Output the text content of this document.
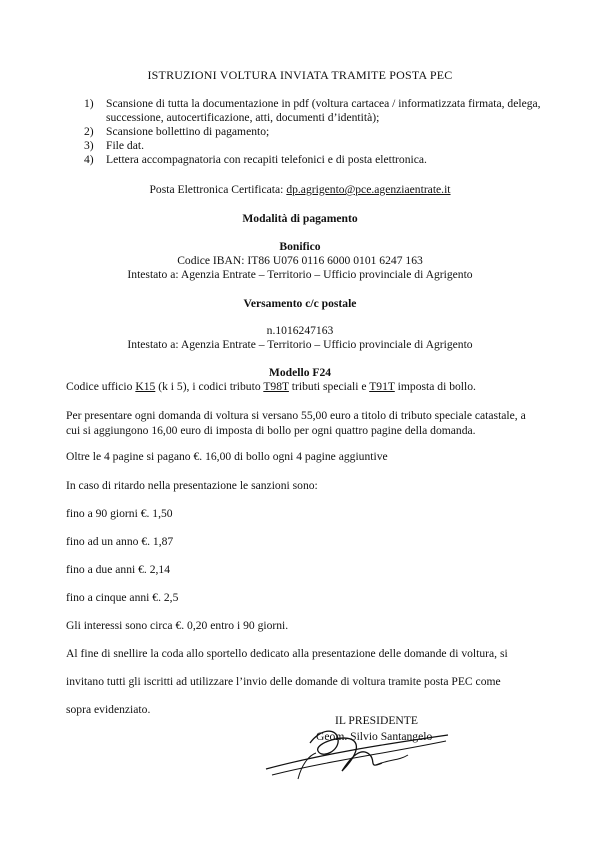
ISTRUZIONI VOLTURA INVIATA TRAMITE POSTA PEC
1) Scansione di tutta la documentazione in pdf (voltura cartacea / informatizzata firmata, delega, successione, autocertificazione, atti, documenti d’identità);
2) Scansione bollettino di pagamento;
3) File dat.
4) Lettera accompagnatoria con recapiti telefonici e di posta elettronica.
Posta Elettronica Certificata: dp.agrigento@pce.agenziaentrate.it
Modalità di pagamento
Bonifico
Codice IBAN: IT86 U076 0116 6000 0101 6247 163
Intestato a: Agenzia Entrate – Territorio – Ufficio provinciale di Agrigento
Versamento c/c postale
n.1016247163
Intestato a: Agenzia Entrate – Territorio – Ufficio provinciale di Agrigento
Modello F24
Codice ufficio K15 (k i 5), i codici tributo T98T tributi speciali e T91T imposta di bollo.
Per presentare ogni domanda di voltura si versano 55,00 euro a titolo di tributo speciale catastale, a cui si aggiungono 16,00 euro di imposta di bollo per ogni quattro pagine della domanda.
Oltre le 4 pagine si pagano €. 16,00 di bollo ogni 4 pagine aggiuntive
In caso di ritardo nella presentazione le sanzioni sono:
fino a 90 giorni €. 1,50
fino ad un anno €. 1,87
fino a due anni €. 2,14
fino a cinque anni €. 2,5
Gli interessi sono circa €. 0,20 entro i 90 giorni.
Al fine di snellire la coda allo sportello dedicato alla presentazione delle domande di voltura, si
invitano tutti gli iscritti ad utilizzare l’invio delle domande di voltura tramite posta PEC come
sopra evidenziato.
IL PRESIDENTE
Geom. Silvio Santangelo
